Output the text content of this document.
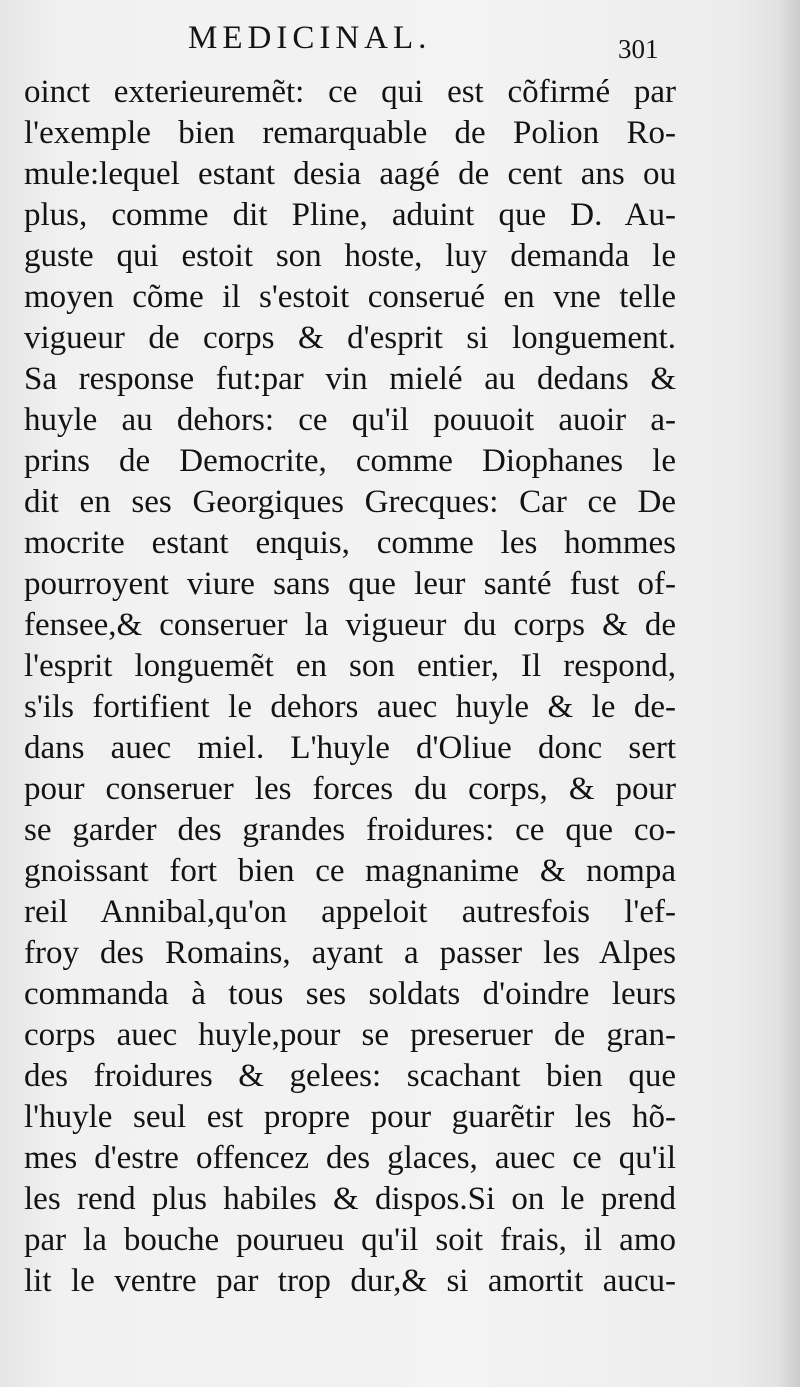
MEDICINAL.	301
oinct exterieuremẽt: ce qui est cõfirmé par
l'exemple bien remarquable de Polion Ro-
mule:lequel estant desia aagé de cent ans ou
plus, comme dit Pline, aduint que D. Au-
guste qui estoit son hoste, luy demanda le
moyen cõme il s'estoit conserué en vne telle
vigueur de corps & d'esprit si longuement.
Sa response fut:par vin mielé au dedans &
huyle au dehors: ce qu'il pouuoit auoir a-
prins de Democrite, comme Diophanes le
dit en ses Georgiques Grecques: Car ce De
mocrite estant enquis, comme les hommes
pourroyent viure sans que leur santé fust of-
fensee,& conseruer la vigueur du corps & de
l'esprit longuemẽt en son entier, Il respond,
s'ils fortifient le dehors auec huyle & le de-
dans auec miel. L'huyle d'Oliue donc sert
pour conseruer les forces du corps, & pour
se garder des grandes froidures: ce que co-
gnoissant fort bien ce magnanime & nompa
reil Annibal,qu'on appeloit autresfois l'ef-
froy des Romains, ayant a passer les Alpes
commanda à tous ses soldats d'oindre leurs
corps auec huyle,pour se preseruer de gran-
des froidures & gelees: scachant bien que
l'huyle seul est propre pour guarẽtir les hõ-
mes d'estre offencez des glaces, auec ce qu'il
les rend plus habiles & dispos.Si on le prend
par la bouche pourueu qu'il soit frais, il amo
lit le ventre par trop dur,& si amortit aucu-
